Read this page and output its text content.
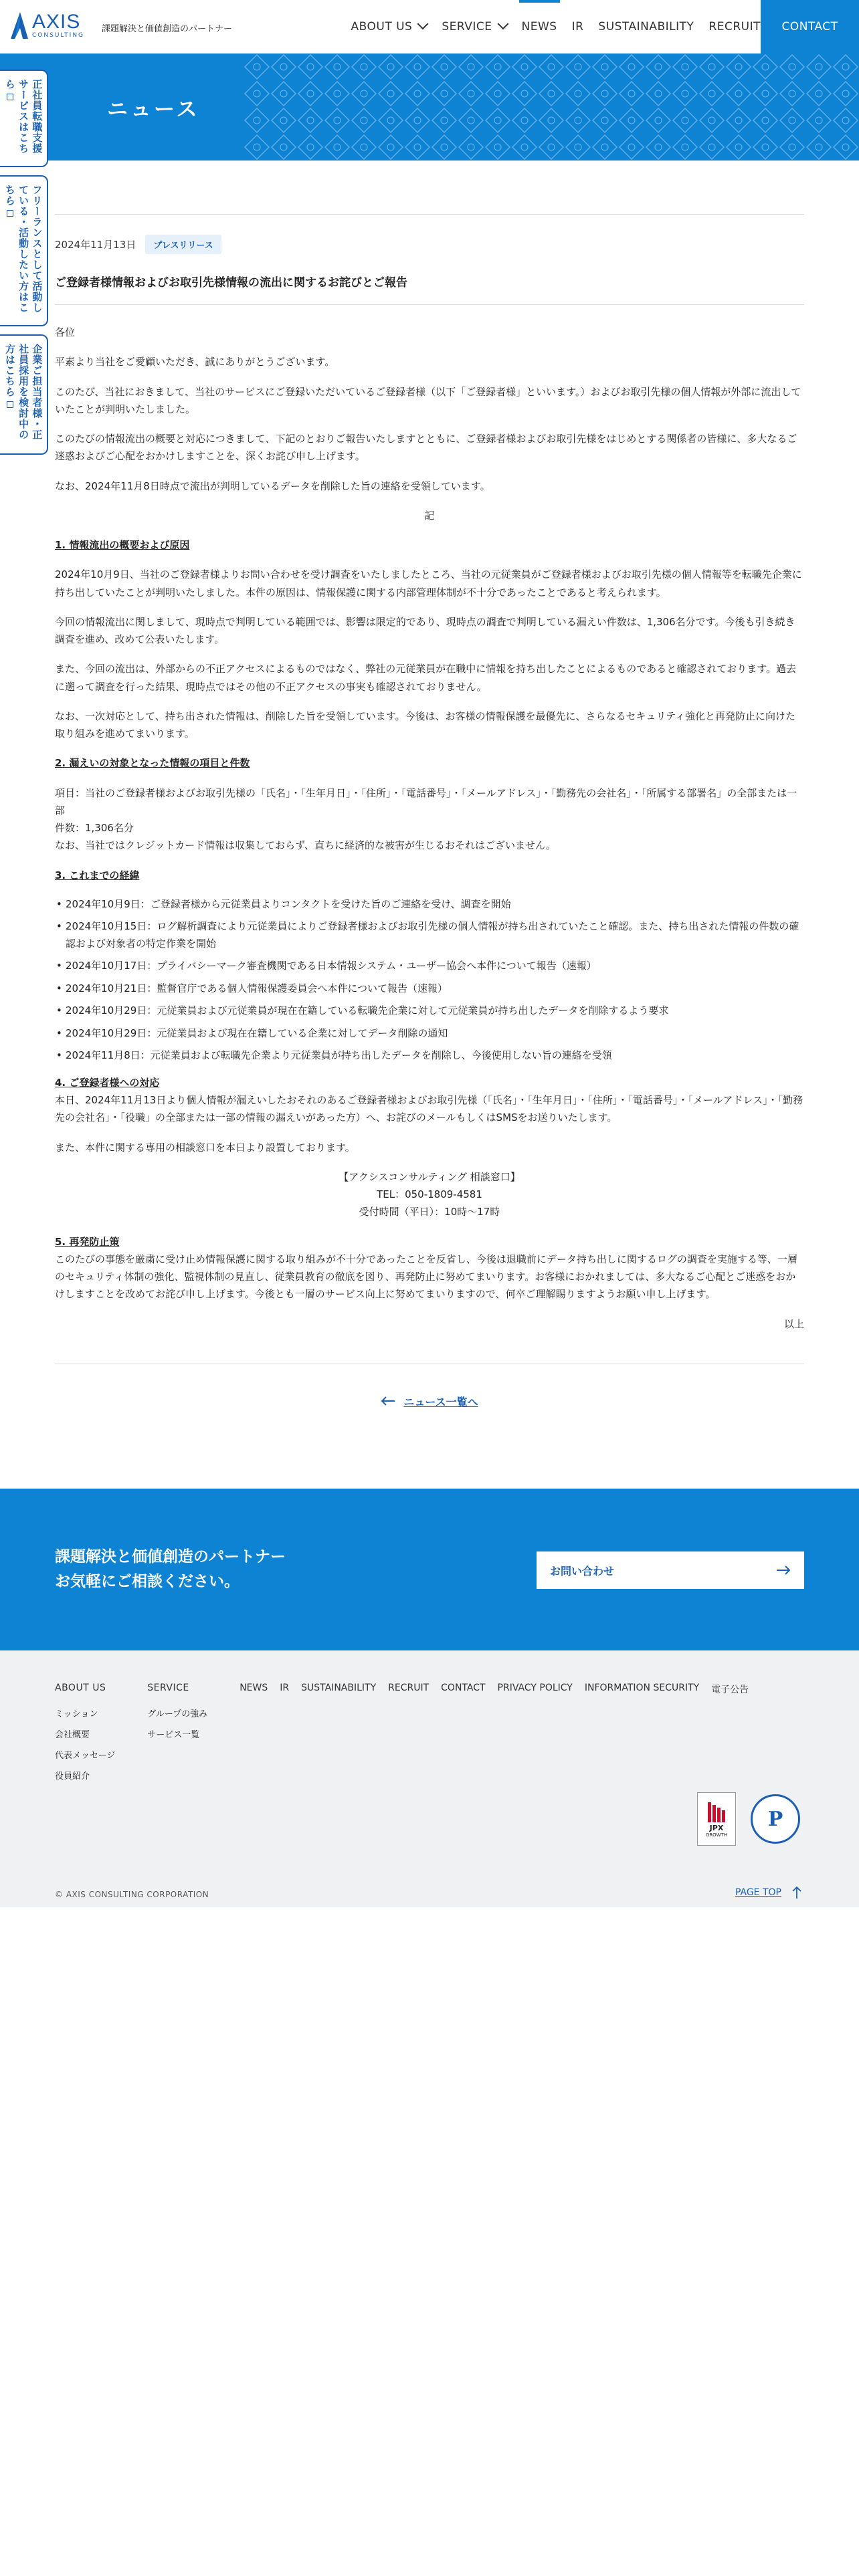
AXIS
CONSULTING
課題解決と価値創造のパートナー	ABOUT US	SERVICE	NEWS IR SUSTAINABILITY RECRUIT	CONTACT
ニュース
正社員転職支援サービスはこちら
フリーランスとして活動している・活動したい方はこちら
企業ご担当者様・正社員採用を検討中の方はこちら
2024年11月13日	プレスリリース
ご登録者様情報およびお取引先様情報の流出に関するお詫びとご報告

各位

平素より当社をご愛顧いただき、誠にありがとうございます。

このたび、当社におきまして、当社のサービスにご登録いただいているご登録者様（以下「ご登録者様」といいます。）およびお取引先様の個人情報が外部に流出していたことが判明いたしました。

このたびの情報流出の概要と対応につきまして、下記のとおりご報告いたしますとともに、ご登録者様およびお取引先様をはじめとする関係者の皆様に、多大なるご迷惑およびご心配をおかけしますことを、深くお詫び申し上げます。

なお、2024年11月8日時点で流出が判明しているデータを削除した旨の連絡を受領しています。

記

1. 情報流出の概要および原因

2024年10月9日、当社のご登録者様よりお問い合わせを受け調査をいたしましたところ、当社の元従業員がご登録者様およびお取引先様の個人情報等を転職先企業に持ち出していたことが判明いたしました。本件の原因は、情報保護に関する内部管理体制が不十分であったことであると考えられます。

今回の情報流出に関しまして、現時点で判明している範囲では、影響は限定的であり、現時点の調査で判明している漏えい件数は、1,306名分です。今後も引き続き調査を進め、改めて公表いたします。

また、今回の流出は、外部からの不正アクセスによるものではなく、弊社の元従業員が在職中に情報を持ち出したことによるものであると確認されております。過去に遡って調査を行った結果、現時点ではその他の不正アクセスの事実も確認されておりません。

なお、一次対応として、持ち出された情報は、削除した旨を受領しています。今後は、お客様の情報保護を最優先に、さらなるセキュリティ強化と再発防止に向けた取り組みを進めてまいります。

2. 漏えいの対象となった情報の項目と件数

項目：当社のご登録者様およびお取引先様の「氏名」・「生年月日」・「住所」・「電話番号」・「メールアドレス」・「勤務先の会社名」・「所属する部署名」の全部または一部

件数：1,306名分

なお、当社ではクレジットカード情報は収集しておらず、直ちに経済的な被害が生じるおそれはございません。

3. これまでの経緯

• 2024年10月9日：ご登録者様から元従業員よりコンタクトを受けた旨のご連絡を受け、調査を開始
• 2024年10月15日：ログ解析調査により元従業員によりご登録者様およびお取引先様の個人情報が持ち出されていたこと確認。また、持ち出された情報の件数の確認および対象者の特定作業を開始
• 2024年10月17日：プライバシーマーク審査機関である日本情報システム・ユーザー協会へ本件について報告（速報）
• 2024年10月21日：監督官庁である個人情報保護委員会へ本件について報告（速報）
• 2024年10月29日：元従業員および元従業員が現在在籍している転職先企業に対して元従業員が持ち出したデータを削除するよう要求
• 2024年10月29日：元従業員および現在在籍している企業に対してデータ削除の通知
• 2024年11月8日：元従業員および転職先企業より元従業員が持ち出したデータを削除し、今後使用しない旨の連絡を受領

4. ご登録者様への対応

本日、2024年11月13日より個人情報が漏えいしたおそれのあるご登録者様およびお取引先様（「氏名」・「生年月日」・「住所」・「電話番号」・「メールアドレス」・「勤務先の会社名」・「役職」の全部または一部の情報の漏えいがあった方）へ、お詫びのメールもしくはSMSをお送りいたします。

また、本件に関する専用の相談窓口を本日より設置しております。

【アクシスコンサルティング 相談窓口】

TEL：050-1809-4581

受付時間（平日）：10時～17時

5. 再発防止策

このたびの事態を厳粛に受け止め情報保護に関する取り組みが不十分であったことを反省し、今後は退職前にデータ持ち出しに関するログの調査を実施する等、一層のセキュリティ体制の強化、監視体制の見直し、従業員教育の徹底を図り、再発防止に努めてまいります。お客様におかれましては、多大なるご心配とご迷惑をおかけしますことを改めてお詫び申し上げます。今後とも一層のサービス向上に努めてまいりますので、何卒ご理解賜りますようお願い申し上げます。

以上

ニュース一覧へ
課題解決と価値創造のパートナー
お気軽にご相談ください。
お問い合わせ
ABOUT US
ミッション
会社概要
代表メッセージ
役員紹介
SERVICE
グループの強み
サービス一覧
NEWS IR SUSTAINABILITY RECRUIT CONTACT PRIVACY POLICY INFORMATION SECURITY 電子公告
JPX
GROWTH
P
© AXIS CONSULTING CORPORATION	PAGE TOP
